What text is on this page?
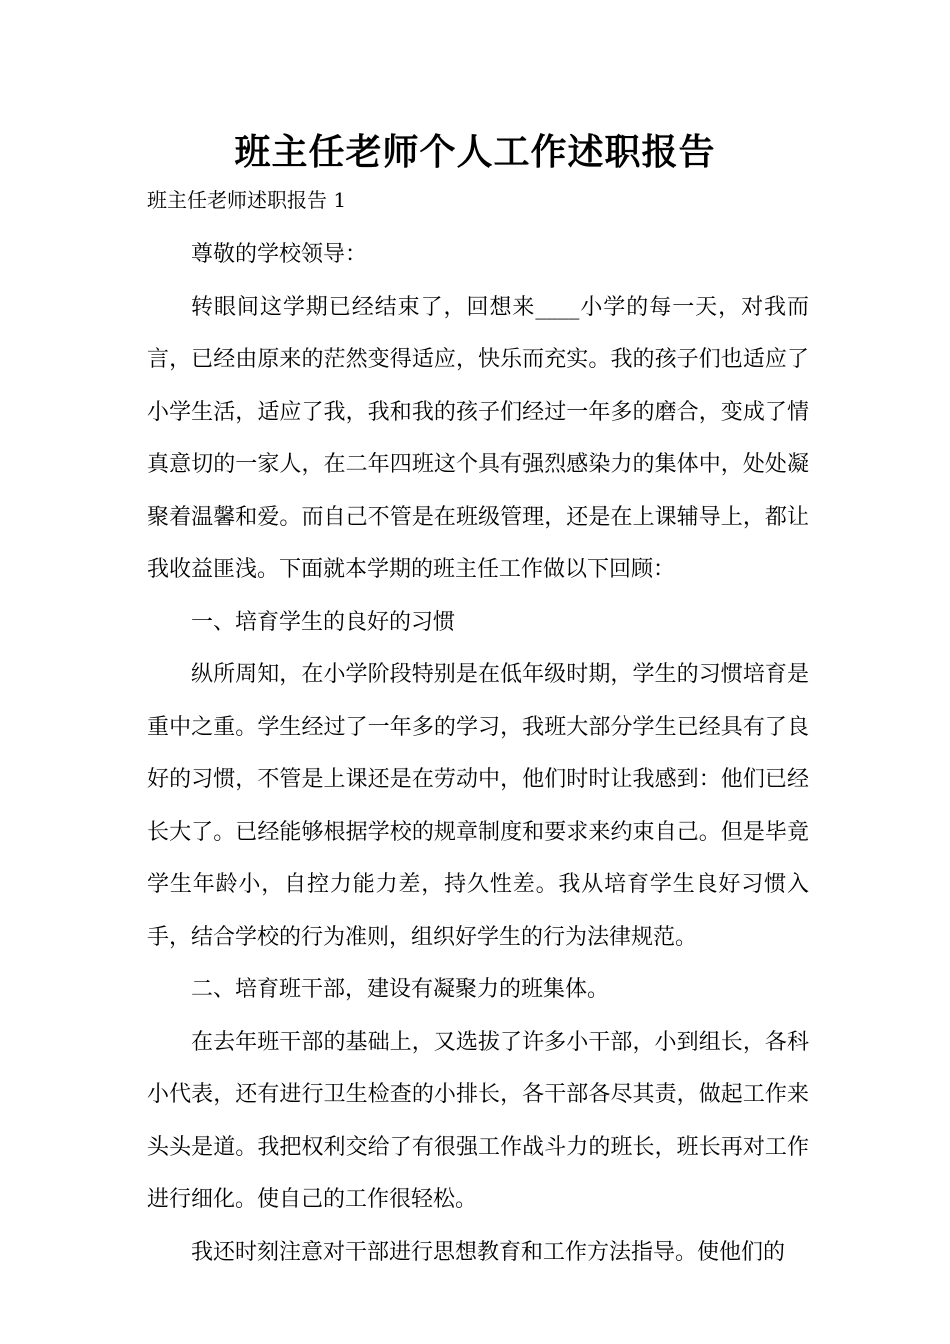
班主任老师个人工作述职报告
班主任老师述职报告 1

尊敬的学校领导：

转眼间这学期已经结束了，回想来____小学的每一天，对我而言，已经由原来的茫然变得适应，快乐而充实。我的孩子们也适应了小学生活，适应了我，我和我的孩子们经过一年多的磨合，变成了情真意切的一家人，在二年四班这个具有强烈感染力的集体中，处处凝聚着温馨和爱。而自己不管是在班级管理，还是在上课辅导上，都让我收益匪浅。下面就本学期的班主任工作做以下回顾：

一、培育学生的良好的习惯

纵所周知，在小学阶段特别是在低年级时期，学生的习惯培育是重中之重。学生经过了一年多的学习，我班大部分学生已经具有了良好的习惯，不管是上课还是在劳动中，他们时时让我感到：他们已经长大了。已经能够根据学校的规章制度和要求来约束自己。但是毕竟学生年龄小，自控力能力差，持久性差。我从培育学生良好习惯入手，结合学校的行为准则，组织好学生的行为法律规范。

二、培育班干部，建设有凝聚力的班集体。

在去年班干部的基础上，又选拔了许多小干部，小到组长，各科小代表，还有进行卫生检查的小排长，各干部各尽其责，做起工作来头头是道。我把权利交给了有很强工作战斗力的班长，班长再对工作进行细化。使自己的工作很轻松。

我还时刻注意对干部进行思想教育和工作方法指导。使他们的
